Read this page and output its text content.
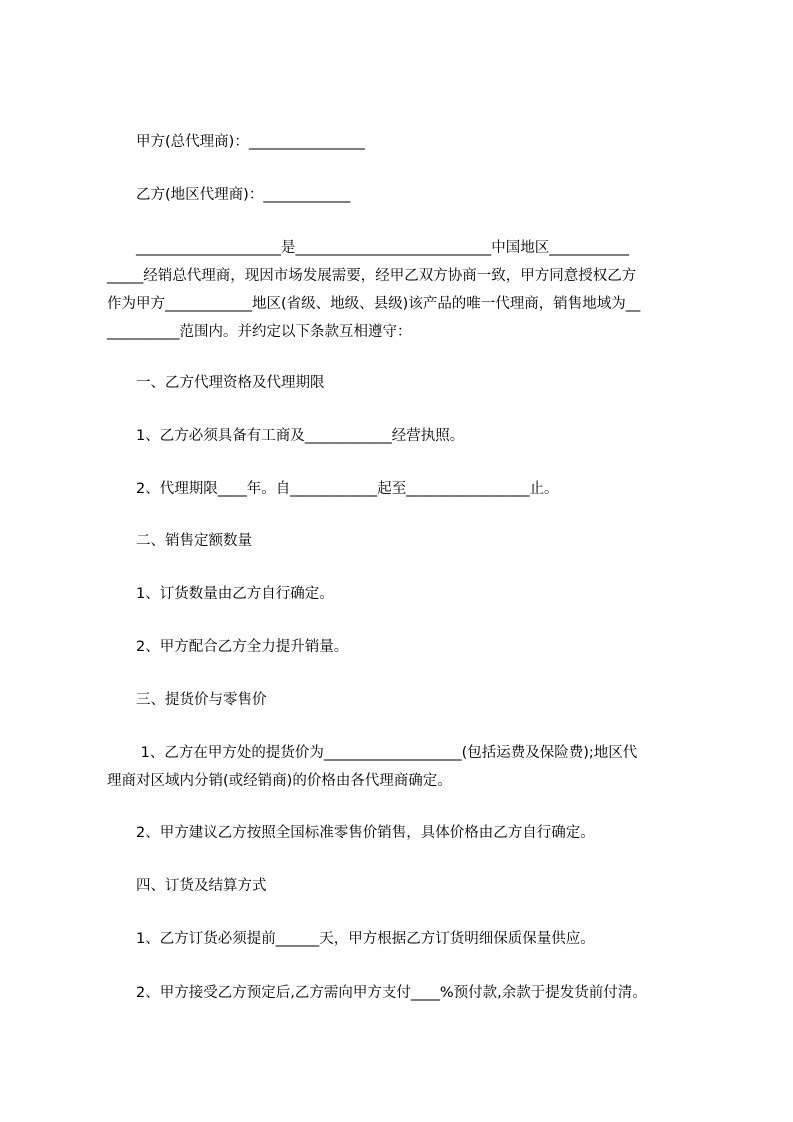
甲方(总代理商)：________________
乙方(地区代理商)：____________
____________________是___________________________中国地区___________
_____经销总代理商，现因市场发展需要，经甲乙双方协商一致，甲方同意授权乙方
作为甲方____________地区(省级、地级、县级)该产品的唯一代理商，销售地域为__
__________范围内。并约定以下条款互相遵守：
一、乙方代理资格及代理期限
1、乙方必须具备有工商及____________经营执照。
2、代理期限____年。自____________起至_________________止。
二、销售定额数量
1、订货数量由乙方自行确定。
2、甲方配合乙方全力提升销量。
三、提货价与零售价
1、乙方在甲方处的提货价为___________________(包括运费及保险费);地区代
理商对区域内分销(或经销商)的价格由各代理商确定。
2、甲方建议乙方按照全国标准零售价销售，具体价格由乙方自行确定。
四、订货及结算方式
1、乙方订货必须提前______天，甲方根据乙方订货明细保质保量供应。
2、甲方接受乙方预定后,乙方需向甲方支付____%预付款,余款于提发货前付清。
